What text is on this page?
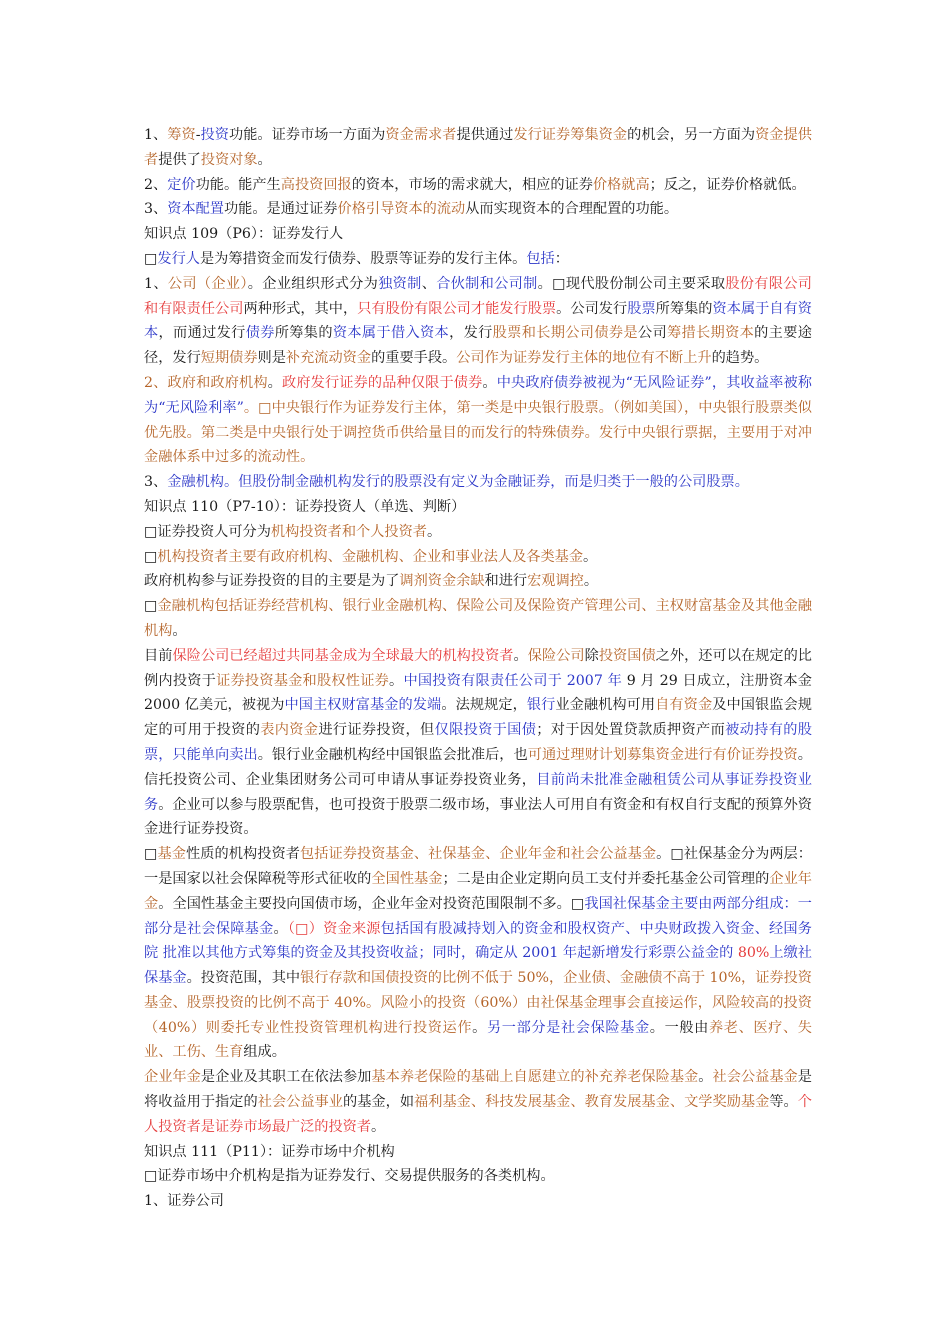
1、筹资-投资功能。证券市场一方面为资金需求者提供通过发行证券筹集资金的机会，另一方面为资金提供者提供了投资对象。

2、定价功能。能产生高投资回报的资本，市场的需求就大，相应的证券价格就高；反之，证券价格就低。

3、资本配置功能。是通过证券价格引导资本的流动从而实现资本的合理配置的功能。

知识点 109（P6）：证券发行人

□发行人是为筹措资金而发行债券、股票等证券的发行主体。包括：

1、公司（企业）。企业组织形式分为独资制、合伙制和公司制。□现代股份制公司主要采取股份有限公司和有限责任公司两种形式，其中，只有股份有限公司才能发行股票。公司发行股票所筹集的资本属于自有资本，而通过发行债券所筹集的资本属于借入资本，发行股票和长期公司债券是公司筹措长期资本的主要途径，发行短期债券则是补充流动资金的重要手段。公司作为证券发行主体的地位有不断上升的趋势。

2、政府和政府机构。政府发行证券的品种仅限于债券。中央政府债券被视为“无风险证券”，其收益率被称为“无风险利率”。□中央银行作为证券发行主体，第一类是中央银行股票。（例如美国），中央银行股票类似优先股。第二类是中央银行处于调控货币供给量目的而发行的特殊债券。发行中央银行票据，主要用于对冲金融体系中过多的流动性。

3、金融机构。但股份制金融机构发行的股票没有定义为金融证券，而是归类于一般的公司股票。

知识点 110（P7-10）：证券投资人（单选、判断）

□证券投资人可分为机构投资者和个人投资者。

□机构投资者主要有政府机构、金融机构、企业和事业法人及各类基金。

政府机构参与证券投资的目的主要是为了调剂资金余缺和进行宏观调控。

□金融机构包括证券经营机构、银行业金融机构、保险公司及保险资产管理公司、主权财富基金及其他金融机构。

目前保险公司已经超过共同基金成为全球最大的机构投资者。保险公司除投资国债之外，还可以在规定的比例内投资于证券投资基金和股权性证券。中国投资有限责任公司于 2007 年 9 月 29 日成立，注册资本金 2000 亿美元，被视为中国主权财富基金的发端。法规规定，银行业金融机构可用自有资金及中国银监会规定的可用于投资的表内资金进行证券投资，但仅限投资于国债；对于因处置贷款质押资产而被动持有的股票，只能单向卖出。银行业金融机构经中国银监会批准后，也可通过理财计划募集资金进行有价证券投资。信托投资公司、企业集团财务公司可申请从事证券投资业务，目前尚未批准金融租赁公司从事证券投资业务。企业可以参与股票配售，也可投资于股票二级市场，事业法人可用自有资金和有权自行支配的预算外资金进行证券投资。

□基金性质的机构投资者包括证券投资基金、社保基金、企业年金和社会公益基金。□社保基金分为两层：一是国家以社会保障税等形式征收的全国性基金；二是由企业定期向员工支付并委托基金公司管理的企业年金。全国性基金主要投向国债市场，企业年金对投资范围限制不多。□我国社保基金主要由两部分组成：一部分是社会保障基金。（□）资金来源包括国有股减持划入的资金和股权资产、中央财政拨入资金、经国务院 批准以其他方式筹集的资金及其投资收益；同时，确定从 2001 年起新增发行彩票公益金的 80%上缴社保基金。投资范围，其中银行存款和国债投资的比例不低于 50%，企业债、金融债不高于 10%，证券投资基金、股票投资的比例不高于 40%。风险小的投资（60%）由社保基金理事会直接运作，风险较高的投资（40%）则委托专业性投资管理机构进行投资运作。另一部分是社会保险基金。一般由养老、医疗、失业、工伤、生育组成。

企业年金是企业及其职工在依法参加基本养老保险的基础上自愿建立的补充养老保险基金。社会公益基金是将收益用于指定的社会公益事业的基金，如福利基金、科技发展基金、教育发展基金、文学奖励基金等。个人投资者是证券市场最广泛的投资者。

知识点 111（P11）：证券市场中介机构

□证券市场中介机构是指为证券发行、交易提供服务的各类机构。

1、证券公司
